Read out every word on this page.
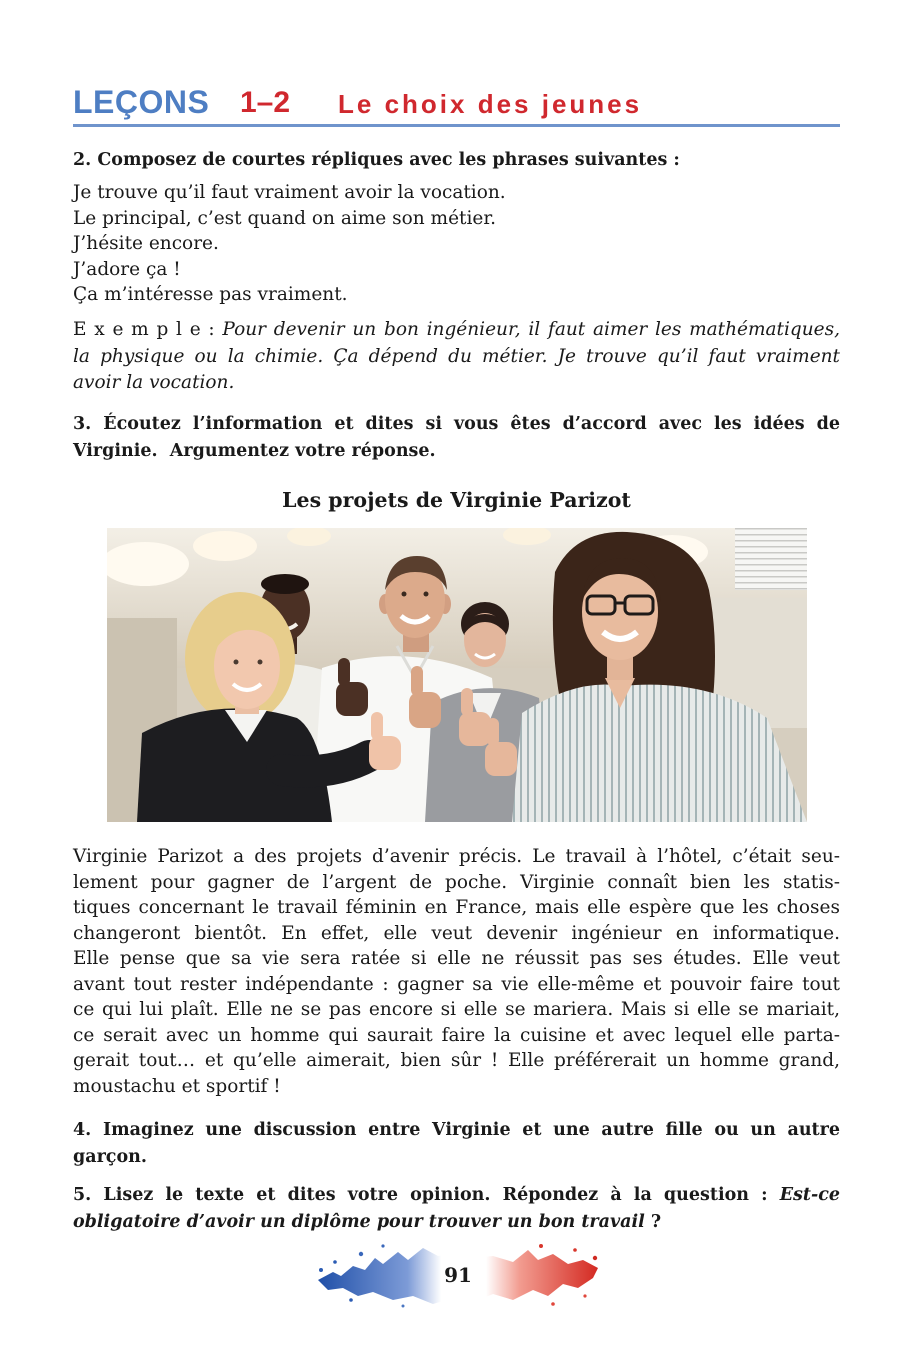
LEÇONS 1–2 Le choix des jeunes
2. Composez de courtes répliques avec les phrases suivantes :
Je trouve qu’il faut vraiment avoir la vocation.
Le principal, c’est quand on aime son métier.
J’hésite encore.
J’adore ça !
Ça m’intéresse pas vraiment.
E x e m p l e : Pour devenir un bon ingénieur, il faut aimer les mathématiques,
la physique ou la chimie. Ça dépend du métier. Je trouve qu’il faut vraiment
avoir la vocation.
3. Écoutez l’information et dites si vous êtes d’accord avec les idées de
Virginie.  Argumentez votre réponse.
Les projets de Virginie Parizot
Virginie Parizot a des projets d’avenir précis. Le travail à l’hôtel, c’était seu-
lement pour gagner de l’argent de poche. Virginie connaît bien les statis-
tiques concernant le travail féminin en France, mais elle espère que les choses
changeront bientôt. En effet, elle veut devenir ingénieur en informatique.
Elle pense que sa vie sera ratée si elle ne réussit pas ses études. Elle veut
avant tout rester indépendante : gagner sa vie elle-même et pouvoir faire tout
ce qui lui plaît. Elle ne se pas encore si elle se mariera. Mais si elle se mariait,
ce serait avec un homme qui saurait faire la cuisine et avec lequel elle parta-
gerait tout… et qu’elle aimerait, bien sûr ! Elle préférerait un homme grand,
moustachu et sportif !
4. Imaginez une discussion entre Virginie et une autre fille ou un autre
garçon.
5. Lisez le texte et dites votre opinion. Répondez à la question : Est-ce
obligatoire d’avoir un diplôme pour trouver un bon travail ?
91
